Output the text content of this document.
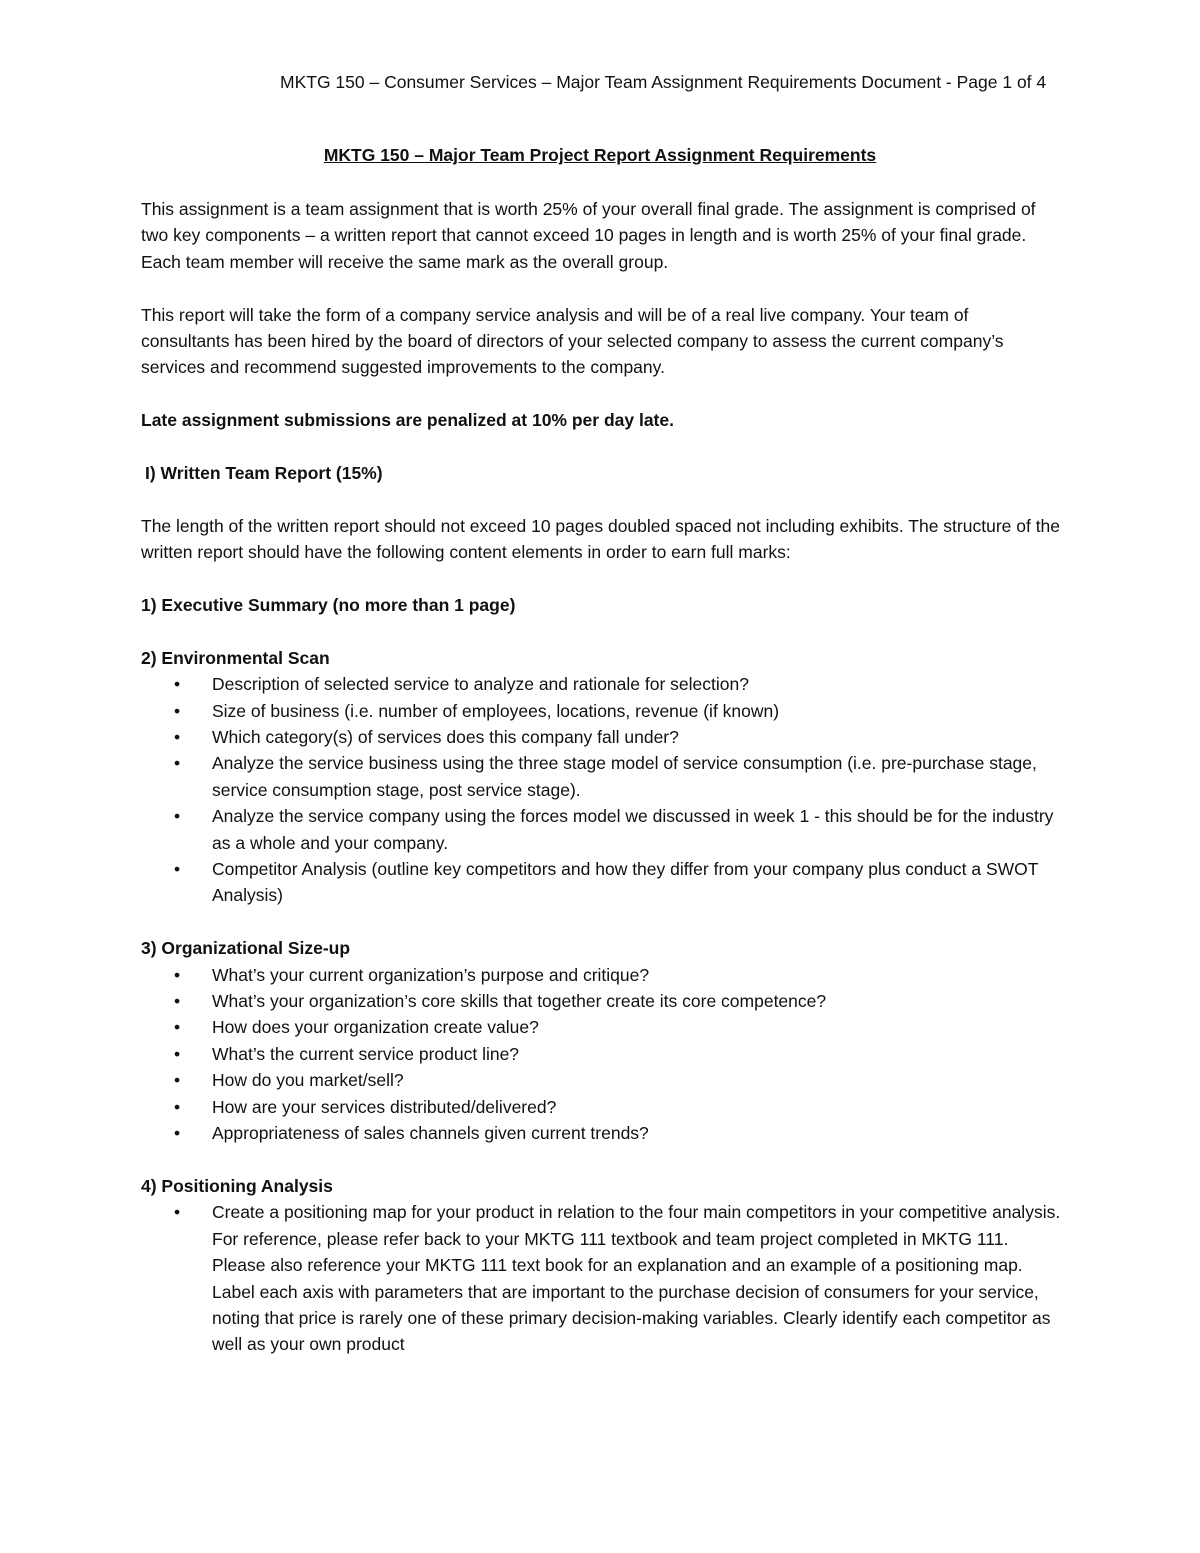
MKTG 150 – Consumer Services – Major Team Assignment Requirements Document - Page 1 of 4
MKTG 150 – Major Team Project Report Assignment Requirements

This assignment is a team assignment that is worth 25% of your overall final grade. The assignment is comprised of two key components – a written report that cannot exceed 10 pages in length and is worth 25% of your final grade. Each team member will receive the same mark as the overall group.

This report will take the form of a company service analysis and will be of a real live company. Your team of consultants has been hired by the board of directors of your selected company to assess the current company’s services and recommend suggested improvements to the company.

Late assignment submissions are penalized at 10% per day late.

I) Written Team Report (15%)

The length of the written report should not exceed 10 pages doubled spaced not including exhibits. The structure of the written report should have the following content elements in order to earn full marks:

1) Executive Summary (no more than 1 page)
2) Environmental Scan
• Description of selected service to analyze and rationale for selection?
• Size of business (i.e. number of employees, locations, revenue (if known)
• Which category(s) of services does this company fall under?
• Analyze the service business using the three stage model of service consumption (i.e. pre-purchase stage, service consumption stage, post service stage).
• Analyze the service company using the forces model we discussed in week 1 - this should be for the industry as a whole and your company.
• Competitor Analysis (outline key competitors and how they differ from your company plus conduct a SWOT Analysis)
3) Organizational Size-up
• What’s your current organization’s purpose and critique?
• What’s your organization’s core skills that together create its core competence?
• How does your organization create value?
• What’s the current service product line?
• How do you market/sell?
• How are your services distributed/delivered?
• Appropriateness of sales channels given current trends?
4) Positioning Analysis
• Create a positioning map for your product in relation to the four main competitors in your competitive analysis. For reference, please refer back to your MKTG 111 textbook and team project completed in MKTG 111. Please also reference your MKTG 111 text book for an explanation and an example of a positioning map. Label each axis with parameters that are important to the purchase decision of consumers for your service, noting that price is rarely one of these primary decision-making variables. Clearly identify each competitor as well as your own product
